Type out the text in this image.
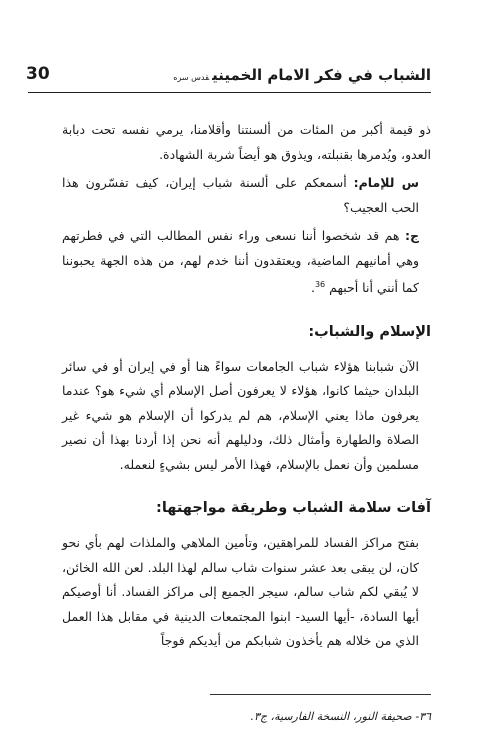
الشباب في فكر الامام الخمينيقدس سره
30

ذو قيمة أكبر من المئات من ألسنتنا وأقلامنا، يرمي نفسه تحت دبابة العدو، ويُدمرها بقنبلته، ويذوق هو أيضاً شربة الشهادة.

س للإمام: أسمعكم على ألسنة شباب إيران، كيف تفسّرون هذا الحب العجيب؟

ج: هم قد شخصوا أننا نسعى وراء نفس المطالب التي في فطرتهم وهي أمانيهم الماضية، ويعتقدون أننا خدم لهم، من هذه الجهة يحبوننا كما أنني أنا أحبهم $^{36}$.

الإسلام والشباب:

الآن شبابنا هؤلاء شباب الجامعات سواءً هنا أو في إيران أو في سائر البلدان حيثما كانوا، هؤلاء لا يعرفون أصل الإسلام أي شيء هو؟ عندما يعرفون ماذا يعني الإسلام، هم لم يدركوا أن الإسلام هو شيء غير الصلاة والطهارة وأمثال ذلك، ودليلهم أنه نحن إذا أردنا بهذا أن نصير مسلمين وأن نعمل بالإسلام، فهذا الأمر ليس بشيءٍ لنعمله.

آفات سلامة الشباب وطريقة مواجهتها:

بفتح مراكز الفساد للمراهقين، وتأمين الملاهي والملذات لهم بأي نحو كان، لن يبقى بعد عشر سنوات شاب سالم لهذا البلد. لعن الله الخائن، لا يُبقي لكم شاب سالم، سيجر الجميع إلى مراكز الفساد. أنا أوصيكم أيها السادة، -أيها السيد- ابنوا المجتمعات الدينية في مقابل هذا العمل الذي من خلاله هم يأخذون شبابكم من أيديكم فوجاً

٣٦- صحيفة النور، النسخة الفارسية، ج٣.
